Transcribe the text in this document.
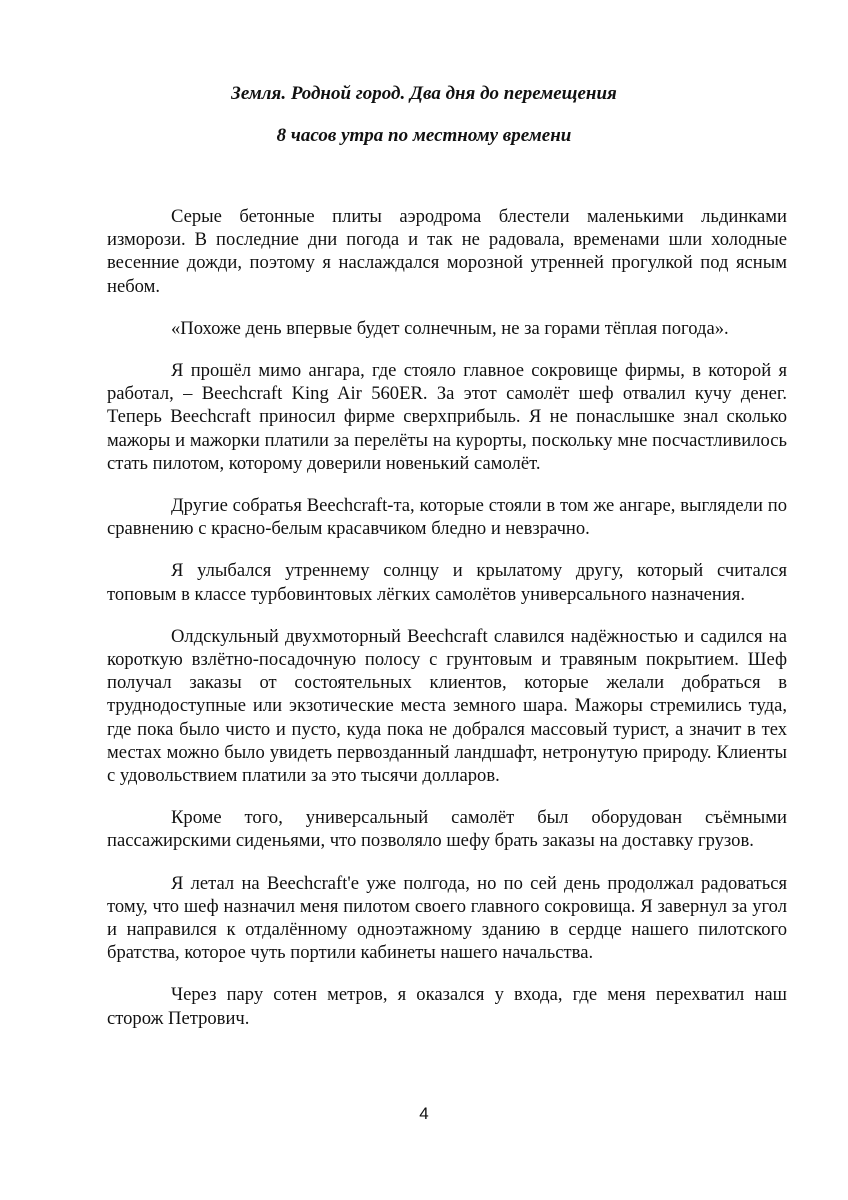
Земля. Родной город. Два дня до перемещения
8 часов утра по местному времени

Серые бетонные плиты аэродрома блестели маленькими льдинками изморози. В последние дни погода и так не радовала, временами шли холодные весенние дожди, поэтому я наслаждался морозной утренней прогулкой под ясным небом.

«Похоже день впервые будет солнечным, не за горами тёплая погода».

Я прошёл мимо ангара, где стояло главное сокровище фирмы, в которой я работал, – Beechcraft King Air 560ER. За этот самолёт шеф отвалил кучу денег. Теперь Beechcraft приносил фирме сверхприбыль. Я не понаслышке знал сколько мажоры и мажорки платили за перелёты на курорты, поскольку мне посчастливилось стать пилотом, которому доверили новенький самолёт.

Другие собратья Beechcraft-та, которые стояли в том же ангаре, выглядели по сравнению с красно-белым красавчиком бледно и невзрачно.

Я улыбался утреннему солнцу и крылатому другу, который считался топовым в классе турбовинтовых лёгких самолётов универсального назначения.

Олдскульный двухмоторный Beechcraft славился надёжностью и садился на короткую взлётно-посадочную полосу с грунтовым и травяным покрытием. Шеф получал заказы от состоятельных клиентов, которые желали добраться в труднодоступные или экзотические места земного шара. Мажоры стремились туда, где пока было чисто и пусто, куда пока не добрался массовый турист, а значит в тех местах можно было увидеть первозданный ландшафт, нетронутую природу. Клиенты с удовольствием платили за это тысячи долларов.

Кроме того, универсальный самолёт был оборудован съёмными пассажирскими сиденьями, что позволяло шефу брать заказы на доставку грузов.

Я летал на Beechcraft'е уже полгода, но по сей день продолжал радоваться тому, что шеф назначил меня пилотом своего главного сокровища. Я завернул за угол и направился к отдалённому одноэтажному зданию в сердце нашего пилотского братства, которое чуть портили кабинеты нашего начальства.

Через пару сотен метров, я оказался у входа, где меня перехватил наш сторож Петрович.

4
